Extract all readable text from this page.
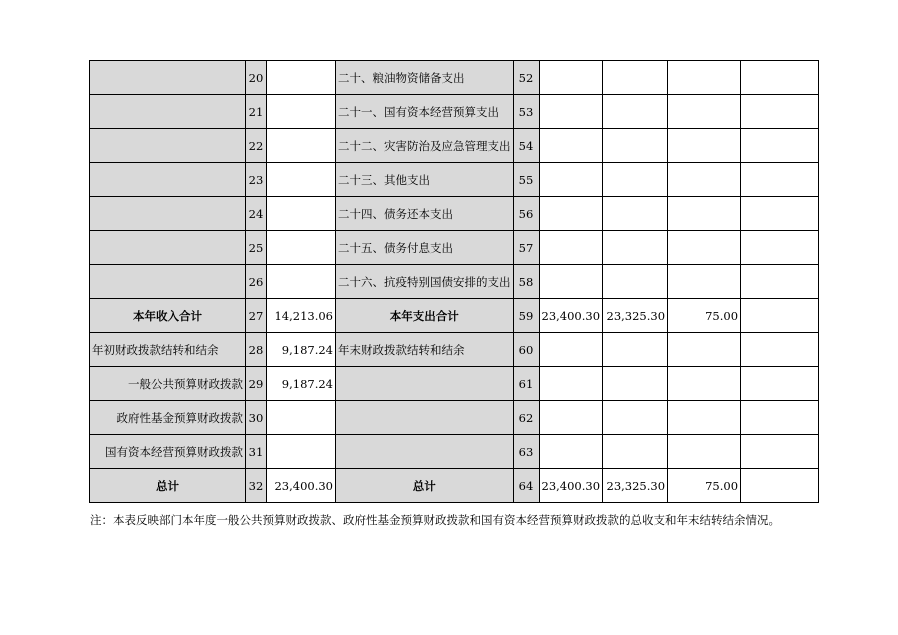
	20		二十、粮油物资储备支出	52				
	21		二十一、国有资本经营预算支出	53				
	22		二十二、灾害防治及应急管理支出	54				
	23		二十三、其他支出	55				
	24		二十四、债务还本支出	56				
	25		二十五、债务付息支出	57				
	26		二十六、抗疫特别国债安排的支出	58				
本年收入合计	27	14,213.06	本年支出合计	59	23,400.30	23,325.30	75.00	
年初财政拨款结转和结余	28	9,187.24	年末财政拨款结转和结余	60				
一般公共预算财政拨款	29	9,187.24		61				
政府性基金预算财政拨款	30			62				
国有资本经营预算财政拨款	31			63				
总计	32	23,400.30	总计	64	23,400.30	23,325.30	75.00	
注：本表反映部门本年度一般公共预算财政拨款、政府性基金预算财政拨款和国有资本经营预算财政拨款的总收支和年末结转结余情况。
